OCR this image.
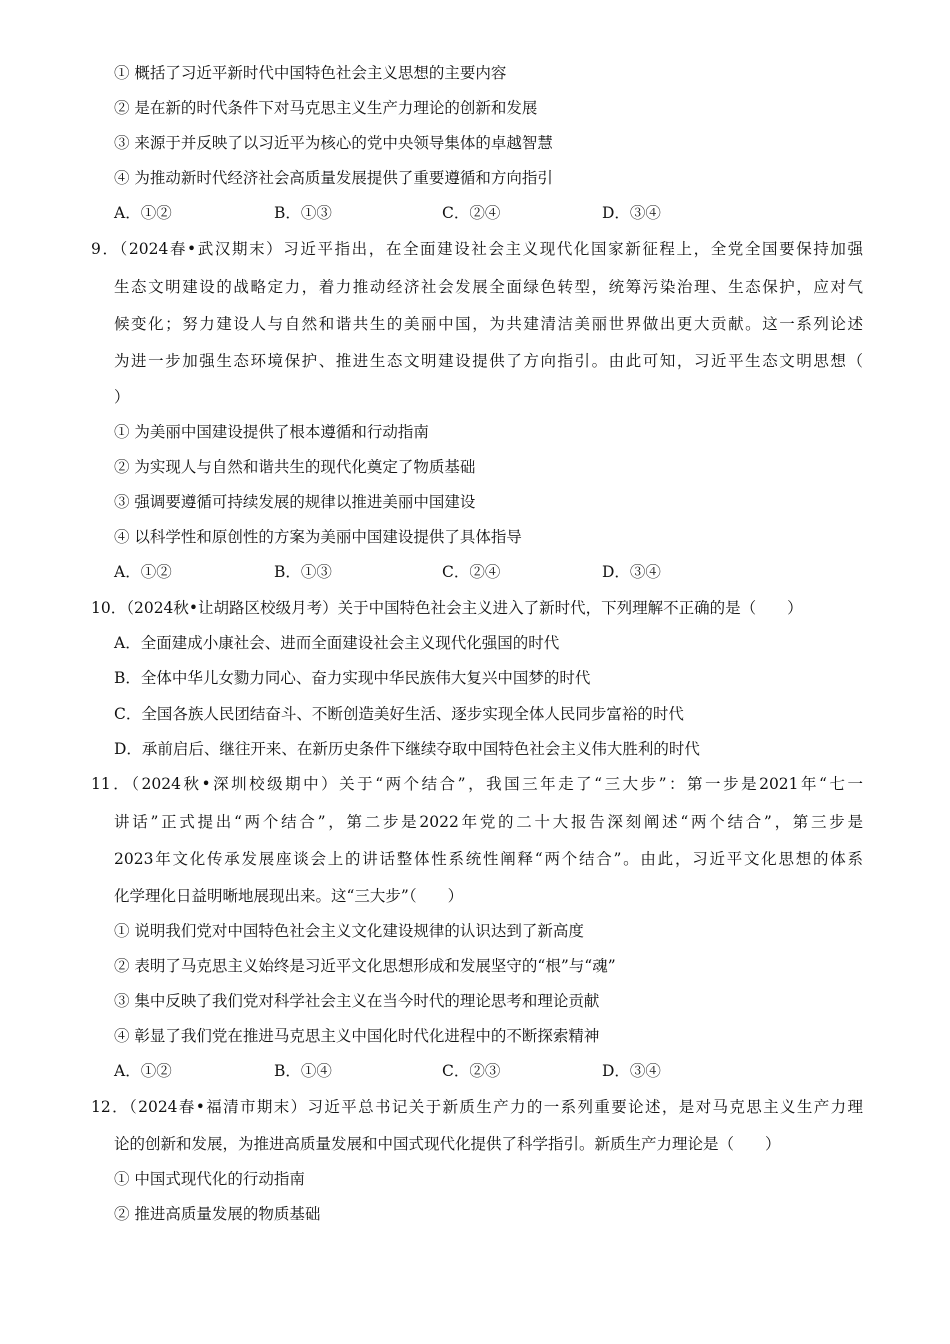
① 概括了习近平新时代中国特色社会主义思想的主要内容
② 是在新的时代条件下对马克思主义生产力理论的创新和发展
③ 来源于并反映了以习近平为核心的党中央领导集体的卓越智慧
④ 为推动新时代经济社会高质量发展提供了重要遵循和方向指引
A．①②	B．①③	C．②④	D．③④
9．（2024春•武汉期末）习近平指出，在全面建设社会主义现代化国家新征程上，全党全国要保持加强
生态文明建设的战略定力，着力推动经济社会发展全面绿色转型，统筹污染治理、生态保护，应对气
候变化；努力建设人与自然和谐共生的美丽中国，为共建清洁美丽世界做出更大贡献。这一系列论述
为进一步加强生态环境保护、推进生态文明建设提供了方向指引。由此可知，习近平生态文明思想（
）
① 为美丽中国建设提供了根本遵循和行动指南
② 为实现人与自然和谐共生的现代化奠定了物质基础
③ 强调要遵循可持续发展的规律以推进美丽中国建设
④ 以科学性和原创性的方案为美丽中国建设提供了具体指导
A．①②	B．①③	C．②④	D．③④
10．（2024秋•让胡路区校级月考）关于中国特色社会主义进入了新时代，下列理解不正确的是（　　）
A．全面建成小康社会、进而全面建设社会主义现代化强国的时代
B．全体中华儿女勠力同心、奋力实现中华民族伟大复兴中国梦的时代
C．全国各族人民团结奋斗、不断创造美好生活、逐步实现全体人民同步富裕的时代
D．承前启后、继往开来、在新历史条件下继续夺取中国特色社会主义伟大胜利的时代
11．（2024秋•深圳校级期中）关于“两个结合”，我国三年走了“三大步”：第一步是2021年“七一
讲话”正式提出“两个结合”，第二步是2022年党的二十大报告深刻阐述“两个结合”，第三步是
2023年文化传承发展座谈会上的讲话整体性系统性阐释“两个结合”。由此，习近平文化思想的体系
化学理化日益明晰地展现出来。这“三大步”（　　）
① 说明我们党对中国特色社会主义文化建设规律的认识达到了新高度
② 表明了马克思主义始终是习近平文化思想形成和发展坚守的“根”与“魂”
③ 集中反映了我们党对科学社会主义在当今时代的理论思考和理论贡献
④ 彰显了我们党在推进马克思主义中国化时代化进程中的不断探索精神
A．①②	B．①④	C．②③	D．③④
12．（2024春•福清市期末）习近平总书记关于新质生产力的一系列重要论述，是对马克思主义生产力理
论的创新和发展，为推进高质量发展和中国式现代化提供了科学指引。新质生产力理论是（　　）
① 中国式现代化的行动指南
② 推进高质量发展的物质基础
